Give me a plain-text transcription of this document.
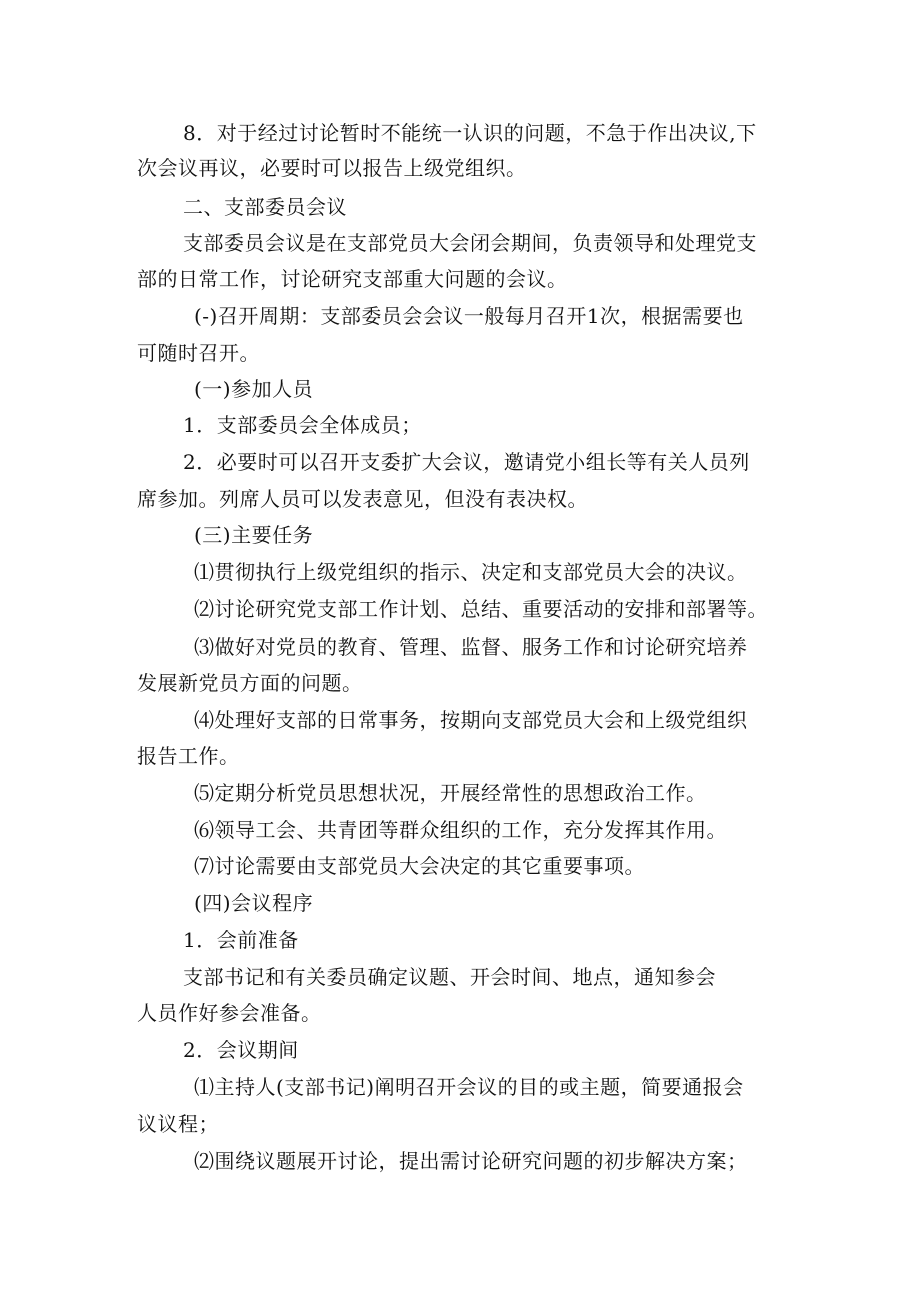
8．对于经过讨论暂时不能统一认识的问题，不急于作出决议,下
次会议再议，必要时可以报告上级党组织。
二、支部委员会议
支部委员会议是在支部党员大会闭会期间，负责领导和处理党支
部的日常工作，讨论研究支部重大问题的会议。
(-)召开周期：支部委员会会议一般每月召开1次，根据需要也
可随时召开。
(一)参加人员
1．支部委员会全体成员；
2．必要时可以召开支委扩大会议，邀请党小组长等有关人员列
席参加。列席人员可以发表意见，但没有表决权。
(三)主要任务
⑴贯彻执行上级党组织的指示、决定和支部党员大会的决议。
⑵讨论研究党支部工作计划、总结、重要活动的安排和部署等。
⑶做好对党员的教育、管理、监督、服务工作和讨论研究培养
发展新党员方面的问题。
⑷处理好支部的日常事务，按期向支部党员大会和上级党组织
报告工作。
⑸定期分析党员思想状况，开展经常性的思想政治工作。
⑹领导工会、共青团等群众组织的工作，充分发挥其作用。
⑺讨论需要由支部党员大会决定的其它重要事项。
(四)会议程序
1．会前准备
支部书记和有关委员确定议题、开会时间、地点，通知参会
人员作好参会准备。
2．会议期间
⑴主持人(支部书记)阐明召开会议的目的或主题，简要通报会
议议程；
⑵围绕议题展开讨论，提出需讨论研究问题的初步解决方案；
